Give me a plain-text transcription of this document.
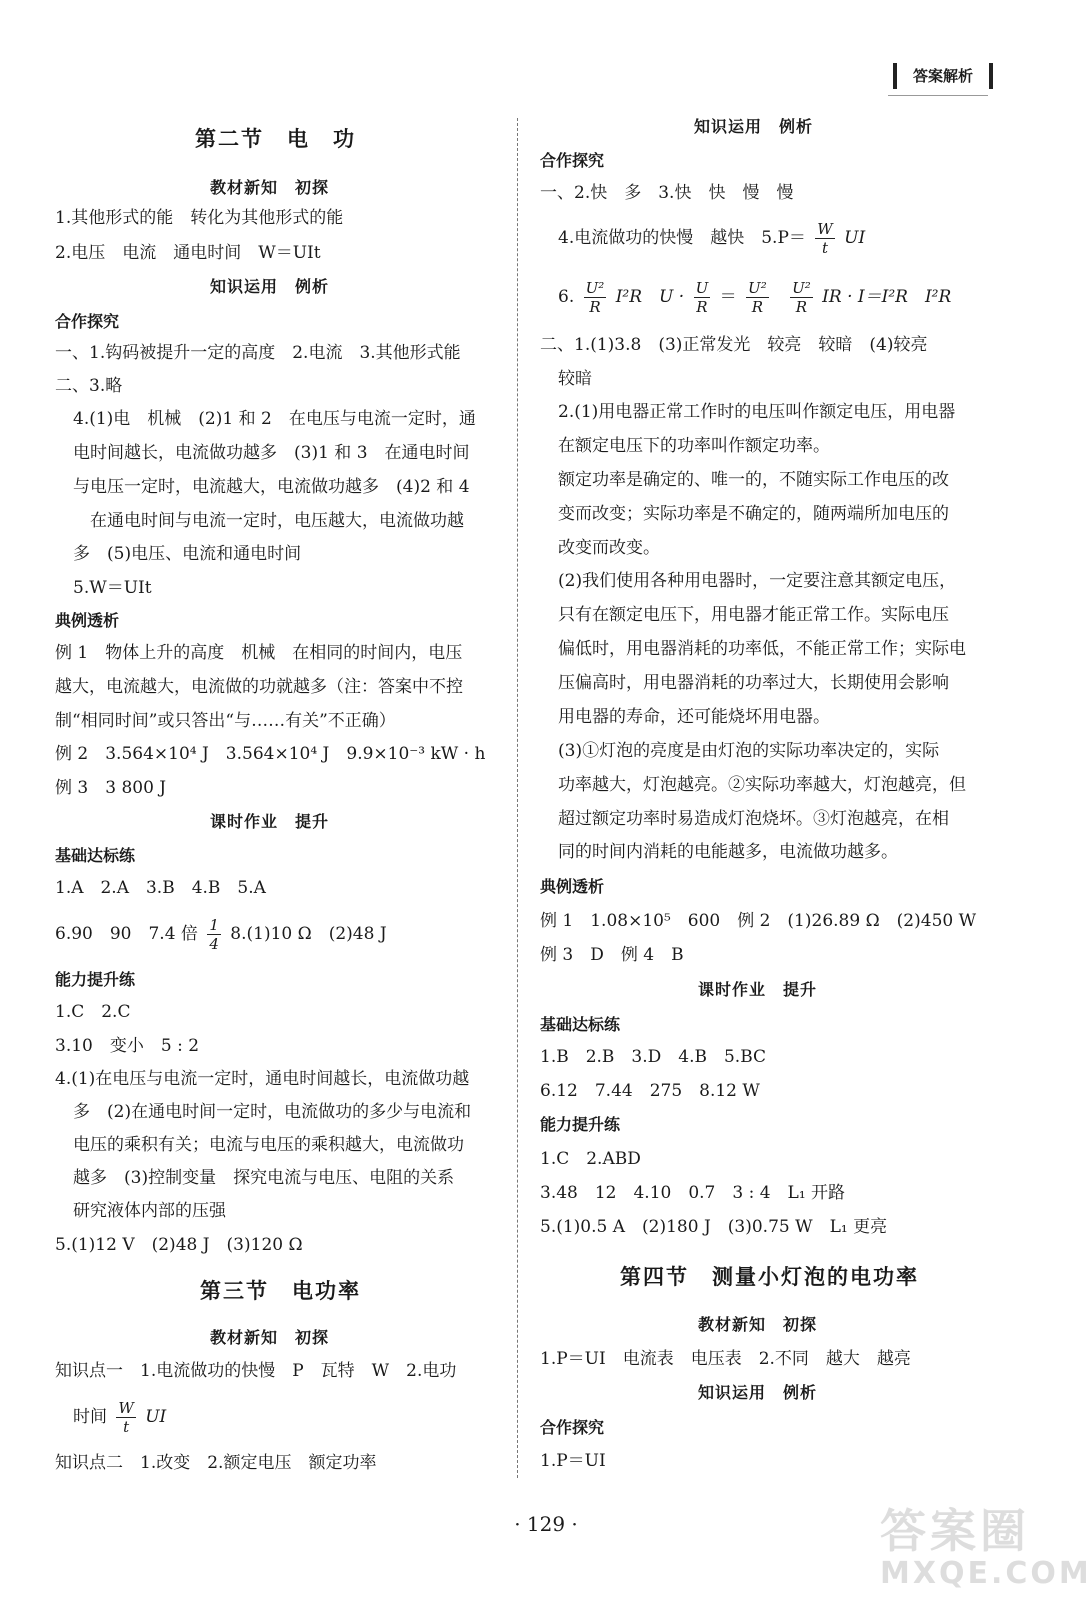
答案解析
第二节　电　功
教材新知　初探
1.其他形式的能　转化为其他形式的能
2.电压　电流　通电时间　W＝UIt
知识运用　例析
合作探究
一、1.钩码被提升一定的高度　2.电流　3.其他形式能
二、3.略
4.(1)电　机械　(2)1 和 2　在电压与电流一定时，通
电时间越长，电流做功越多　(3)1 和 3　在通电时间
与电压一定时，电流越大，电流做功越多　(4)2 和 4
在通电时间与电流一定时，电压越大，电流做功越
多　(5)电压、电流和通电时间
5.W＝UIt
典例透析
例 1　物体上升的高度　机械　在相同的时间内，电压
越大，电流越大，电流做的功就越多（注：答案中不控
制“相同时间”或只答出“与……有关”不正确）
例 2　3.564×10⁴ J　3.564×10⁴ J　9.9×10⁻³ kW · h
例 3　3 800 J
课时作业　提升
基础达标练
1.A　2.A　3.B　4.B　5.A
6.90　90　7.4 倍 $\frac{1}{4} 8.(1)10$ Ω　(2)48 J
能力提升练
1.C　2.C
3.10　变小　5 : 2
4.(1)在电压与电流一定时，通电时间越长，电流做功越
多　(2)在通电时间一定时，电流做功的多少与电流和
电压的乘积有关；电流与电压的乘积越大，电流做功
越多　(3)控制变量　探究电流与电压、电阻的关系
研究液体内部的压强
5.(1)12 V　(2)48 J　(3)120 Ω
第三节　电功率
教材新知　初探
知识点一　1.电流做功的快慢　P　瓦特　W　2.电功
时间 $\frac{W}{t}$ UI
知识点二　1.改变　2.额定电压　额定功率
知识运用　例析
合作探究
一、2.快　多　3.快　快　慢　慢
4.电流做功的快慢　越快　$5.P= \frac{W}{t}$ UI
6. $\frac{\text{U²}}{R} I^2R$　$U \cdot \frac{U}{R} = \frac{\text{U²}}{R}$
$\frac{\text{U²}}{R}$ IR · I＝I²R　I²R
二、1.(1)3.8　(3)正常发光　较亮　较暗　(4)较亮
较暗
2.(1)用电器正常工作时的电压叫作额定电压，用电器
在额定电压下的功率叫作额定功率。
额定功率是确定的、唯一的，不随实际工作电压的改
变而改变；实际功率是不确定的，随两端所加电压的
改变而改变。
(2)我们使用各种用电器时，一定要注意其额定电压，
只有在额定电压下，用电器才能正常工作。实际电压
偏低时，用电器消耗的功率低，不能正常工作；实际电
压偏高时，用电器消耗的功率过大，长期使用会影响
用电器的寿命，还可能烧坏用电器。
(3)①灯泡的亮度是由灯泡的实际功率决定的，实际
功率越大，灯泡越亮。②实际功率越大，灯泡越亮，但
超过额定功率时易造成灯泡烧坏。③灯泡越亮，在相
同的时间内消耗的电能越多，电流做功越多。
典例透析
例 1　1.08×10⁵　600　例 2　(1)26.89 Ω　(2)450 W
例 3　D　例 4　B
课时作业　提升
基础达标练
1.B　2.B　3.D　4.B　5.BC
6.12　7.44　275　8.12 W
能力提升练
1.C　2.ABD
3.48　12　4.10　0.7　3 : 4　L₁ 开路
5.(1)0.5 A　(2)180 J　(3)0.75 W　L₁ 更亮
第四节　测量小灯泡的电功率
教材新知　初探
1.P＝UI　电流表　电压表　2.不同　越大　越亮
知识运用　例析
合作探究
1.P＝UI
· 129 ·	答案圈
MXQE.COM
